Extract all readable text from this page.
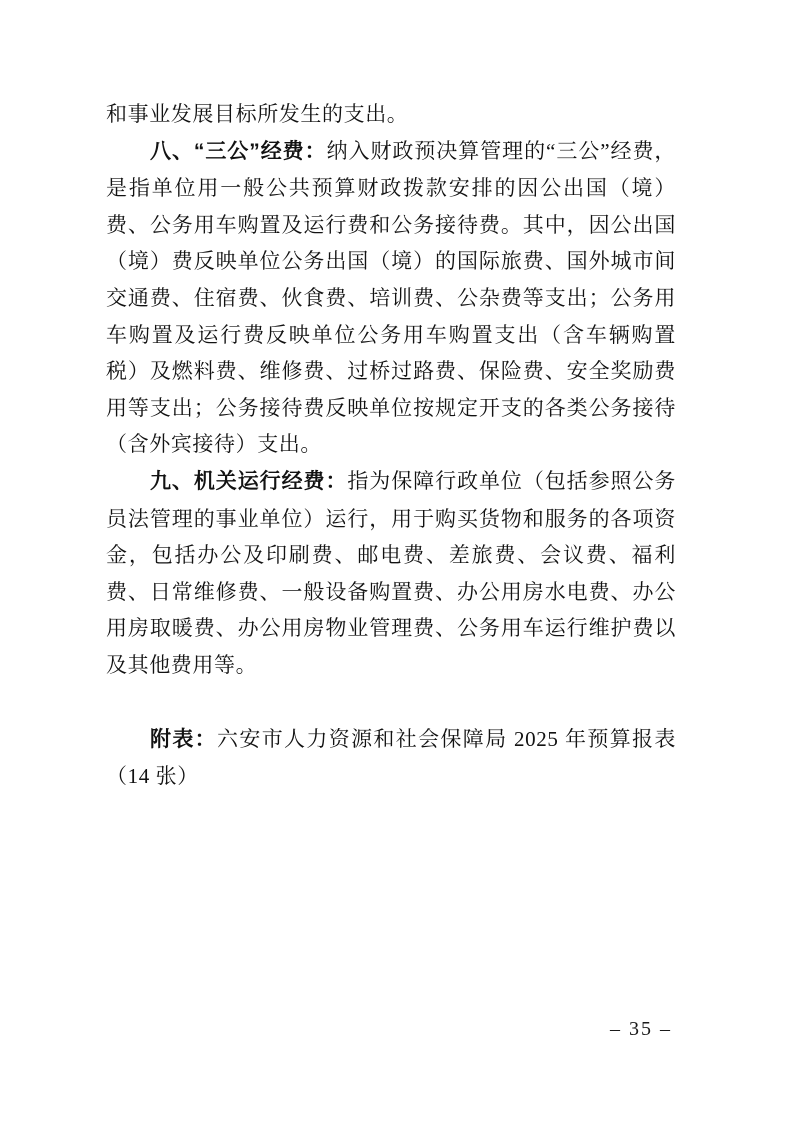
和事业发展目标所发生的支出。

八、“三公”经费：纳入财政预决算管理的“三公”经费，是指单位用一般公共预算财政拨款安排的因公出国（境）费、公务用车购置及运行费和公务接待费。其中，因公出国（境）费反映单位公务出国（境）的国际旅费、国外城市间交通费、住宿费、伙食费、培训费、公杂费等支出；公务用车购置及运行费反映单位公务用车购置支出（含车辆购置税）及燃料费、维修费、过桥过路费、保险费、安全奖励费用等支出；公务接待费反映单位按规定开支的各类公务接待（含外宾接待）支出。

九、机关运行经费：指为保障行政单位（包括参照公务员法管理的事业单位）运行，用于购买货物和服务的各项资金，包括办公及印刷费、邮电费、差旅费、会议费、福利费、日常维修费、一般设备购置费、办公用房水电费、办公用房取暖费、办公用房物业管理费、公务用车运行维护费以及其他费用等。

附表：六安市人力资源和社会保障局 2025 年预算报表（14 张）

– 35 –
